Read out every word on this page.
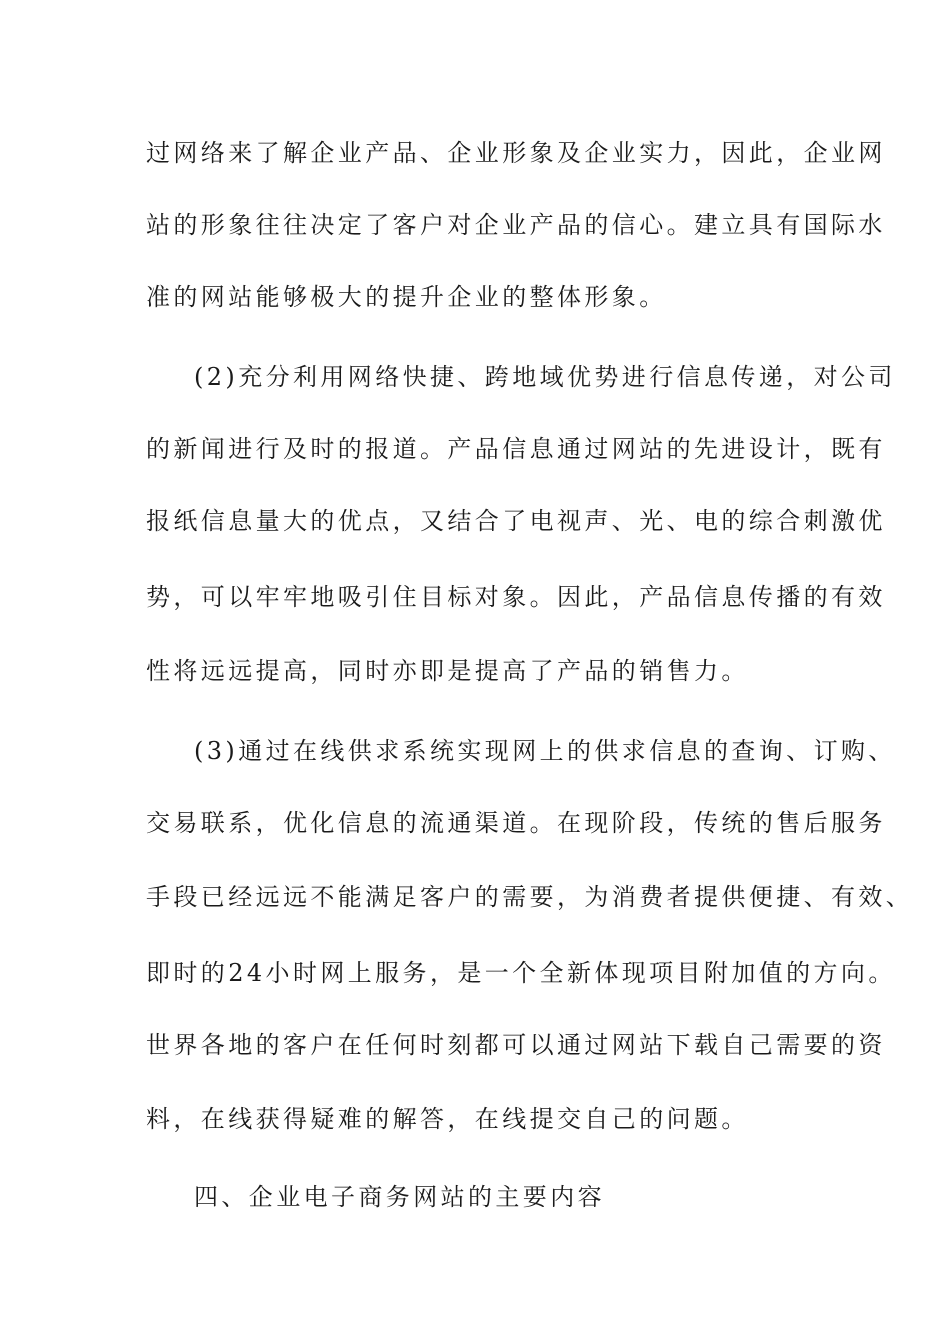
过网络来了解企业产品、企业形象及企业实力，因此，企业网
站的形象往往决定了客户对企业产品的信心。建立具有国际水
准的网站能够极大的提升企业的整体形象。
(2)充分利用网络快捷、跨地域优势进行信息传递，对公司
的新闻进行及时的报道。产品信息通过网站的先进设计，既有
报纸信息量大的优点，又结合了电视声、光、电的综合刺激优
势，可以牢牢地吸引住目标对象。因此，产品信息传播的有效
性将远远提高，同时亦即是提高了产品的销售力。
(3)通过在线供求系统实现网上的供求信息的查询、订购、
交易联系，优化信息的流通渠道。在现阶段，传统的售后服务
手段已经远远不能满足客户的需要，为消费者提供便捷、有效、
即时的24小时网上服务，是一个全新体现项目附加值的方向。
世界各地的客户在任何时刻都可以通过网站下载自己需要的资
料，在线获得疑难的解答，在线提交自己的问题。
四、企业电子商务网站的主要内容
